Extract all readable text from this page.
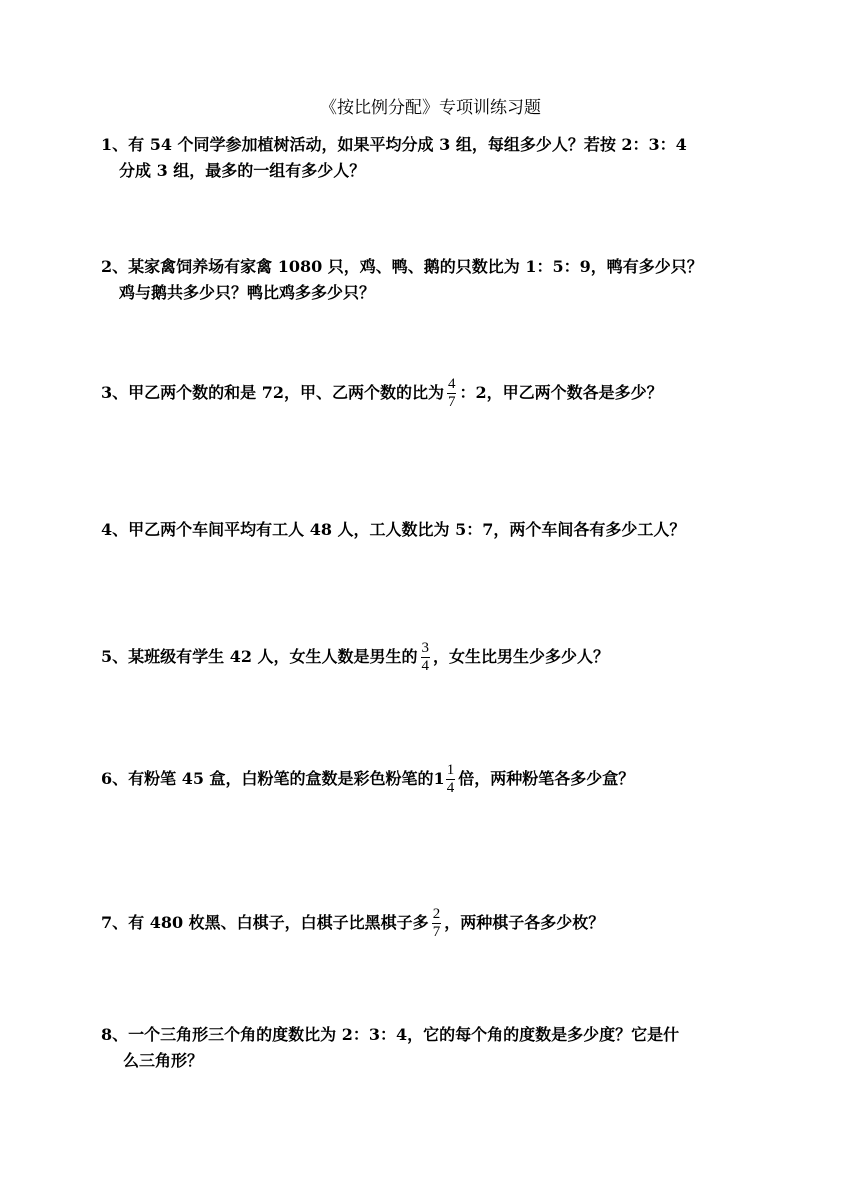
《按比例分配》专项训练习题
1、有 54 个同学参加植树活动，如果平均分成 3 组，每组多少人？若按 2：3：4
分成 3 组，最多的一组有多少人？
2、某家禽饲养场有家禽 1080 只，鸡、鸭、鹅的只数比为 1：5：9，鸭有多少只？
鸡与鹅共多少只？鸭比鸡多多少只？
3、甲乙两个数的和是 72，甲、乙两个数的比为 $\frac{4}{7}$ ：2，甲乙两个数各是多少？
4、甲乙两个车间平均有工人 48 人，工人数比为 5：7，两个车间各有多少工人？
5、某班级有学生 42 人，女生人数是男生的 $\frac{3}{4}$ ，女生比男生少多少人？
6、有粉笔 45 盒，白粉笔的盒数是彩色粉笔的$1 \frac{1}{4}$ 倍，两种粉笔各多少盒？
7、有 480 枚黑、白棋子，白棋子比黑棋子多 $\frac{2}{7}$ ，两种棋子各多少枚？
8、一个三角形三个角的度数比为 2：3：4，它的每个角的度数是多少度？它是什
么三角形？
